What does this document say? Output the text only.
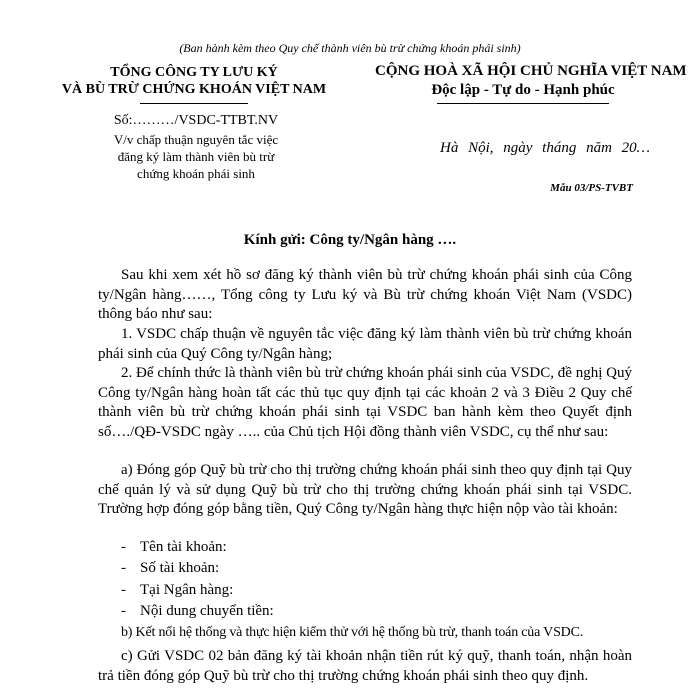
(Ban hành kèm theo Quy chế thành viên bù trừ chứng khoán phái sinh)
TỔNG CÔNG TY LƯU KÝ
VÀ BÙ TRỪ CHỨNG KHOÁN VIỆT NAM
CỘNG HOÀ XÃ HỘI CHỦ NGHĨA VIỆT NAM
Độc lập - Tự do - Hạnh phúc
Số:………/VSDC-TTBT.NV
V/v chấp thuận nguyên tắc việc
đăng ký làm thành viên bù trừ
chứng khoán phái sinh
Hà Nội, ngày tháng năm 20…
Mẫu 03/PS-TVBT
Kính gửi: Công ty/Ngân hàng ….

Sau khi xem xét hồ sơ đăng ký thành viên bù trừ chứng khoán phái sinh của Công ty/Ngân hàng……, Tổng công ty Lưu ký và Bù trừ chứng khoán Việt Nam (VSDC) thông báo như sau:

1. VSDC chấp thuận về nguyên tắc việc đăng ký làm thành viên bù trừ chứng khoán phái sinh của Quý Công ty/Ngân hàng;

2. Để chính thức là thành viên bù trừ chứng khoán phái sinh của VSDC, đề nghị Quý Công ty/Ngân hàng hoàn tất các thủ tục quy định tại các khoản 2 và 3 Điều 2 Quy chế thành viên bù trừ chứng khoán phái sinh tại VSDC ban hành kèm theo Quyết định số…./QĐ-VSDC ngày ….. của Chủ tịch Hội đồng thành viên VSDC, cụ thể như sau:

a) Đóng góp Quỹ bù trừ cho thị trường chứng khoán phái sinh theo quy định tại Quy chế quản lý và sử dụng Quỹ bù trừ cho thị trường chứng khoán phái sinh tại VSDC. Trường hợp đóng góp bằng tiền, Quý Công ty/Ngân hàng thực hiện nộp vào tài khoản:

- Tên tài khoản:
- Số tài khoản:
- Tại Ngân hàng:
- Nội dung chuyển tiền:
b) Kết nối hệ thống và thực hiện kiểm thử với hệ thống bù trừ, thanh toán của VSDC.

c) Gửi VSDC 02 bản đăng ký tài khoản nhận tiền rút ký quỹ, thanh toán, nhận hoàn trả tiền đóng góp Quỹ bù trừ cho thị trường chứng khoán phái sinh theo quy định.
